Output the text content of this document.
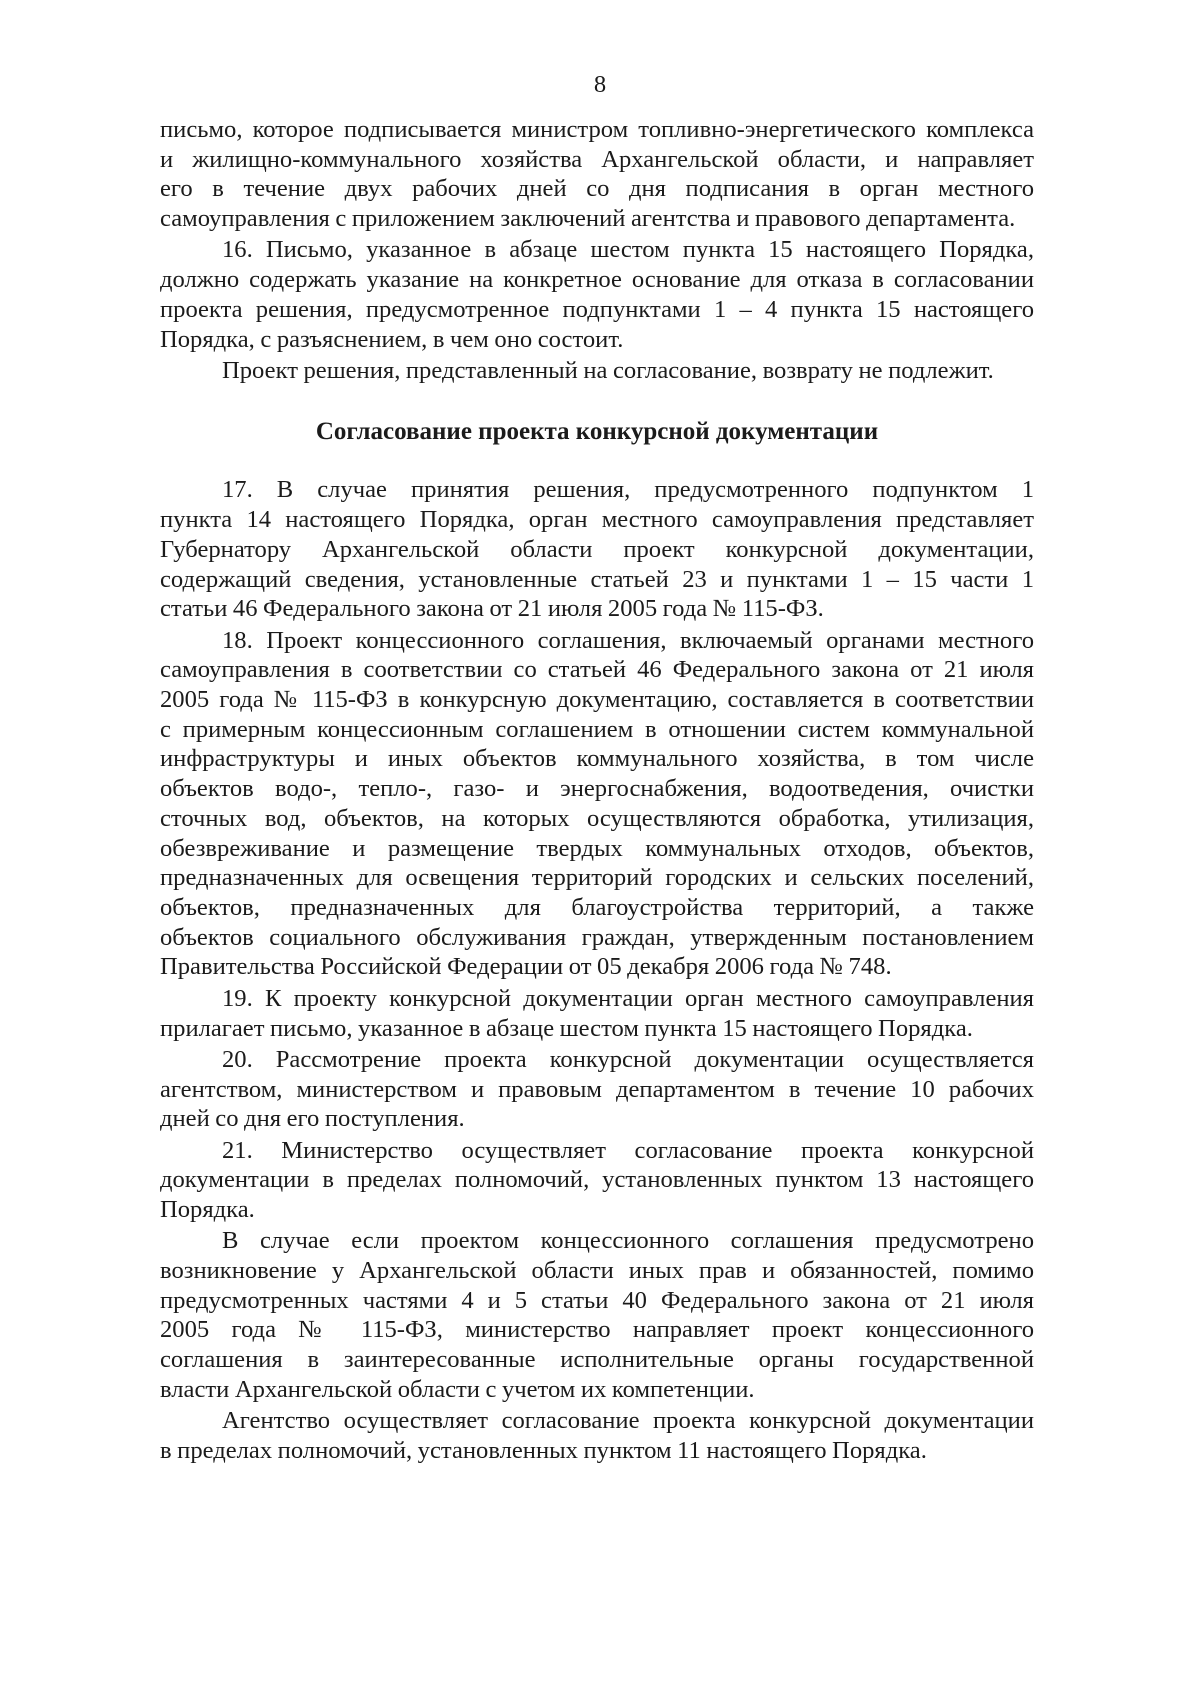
8
письмо, которое подписывается министром топливно-энергетического комплекса
и жилищно-коммунального хозяйства Архангельской области, и направляет
его в течение двух рабочих дней со дня подписания в орган местного
самоуправления с приложением заключений агентства и правового департамента.
16. Письмо, указанное в абзаце шестом пункта 15 настоящего Порядка,
должно содержать указание на конкретное основание для отказа в согласовании
проекта решения, предусмотренное подпунктами 1 – 4 пункта 15 настоящего
Порядка, с разъяснением, в чем оно состоит.
Проект решения, представленный на согласование, возврату не подлежит.
Согласование проекта конкурсной документации
17. В случае принятия решения, предусмотренного подпунктом 1
пункта 14 настоящего Порядка, орган местного самоуправления представляет
Губернатору Архангельской области проект конкурсной документации,
содержащий сведения, установленные статьей 23 и пунктами 1 – 15 части 1
статьи 46 Федерального закона от 21 июля 2005 года № 115-ФЗ.
18. Проект концессионного соглашения, включаемый органами местного
самоуправления в соответствии со статьей 46 Федерального закона от 21 июля
2005 года № 115-ФЗ в конкурсную документацию, составляется в соответствии
с примерным концессионным соглашением в отношении систем коммунальной
инфраструктуры и иных объектов коммунального хозяйства, в том числе
объектов водо-, тепло-, газо- и энергоснабжения, водоотведения, очистки
сточных вод, объектов, на которых осуществляются обработка, утилизация,
обезвреживание и размещение твердых коммунальных отходов, объектов,
предназначенных для освещения территорий городских и сельских поселений,
объектов, предназначенных для благоустройства территорий, а также
объектов социального обслуживания граждан, утвержденным постановлением
Правительства Российской Федерации от 05 декабря 2006 года № 748.
19. К проекту конкурсной документации орган местного самоуправления
прилагает письмо, указанное в абзаце шестом пункта 15 настоящего Порядка.
20. Рассмотрение проекта конкурсной документации осуществляется
агентством, министерством и правовым департаментом в течение 10 рабочих
дней со дня его поступления.
21. Министерство осуществляет согласование проекта конкурсной
документации в пределах полномочий, установленных пунктом 13 настоящего
Порядка.
В случае если проектом концессионного соглашения предусмотрено
возникновение у Архангельской области иных прав и обязанностей, помимо
предусмотренных частями 4 и 5 статьи 40 Федерального закона от 21 июля
2005 года № 115-ФЗ, министерство направляет проект концессионного
соглашения в заинтересованные исполнительные органы государственной
власти Архангельской области с учетом их компетенции.
Агентство осуществляет согласование проекта конкурсной документации
в пределах полномочий, установленных пунктом 11 настоящего Порядка.
